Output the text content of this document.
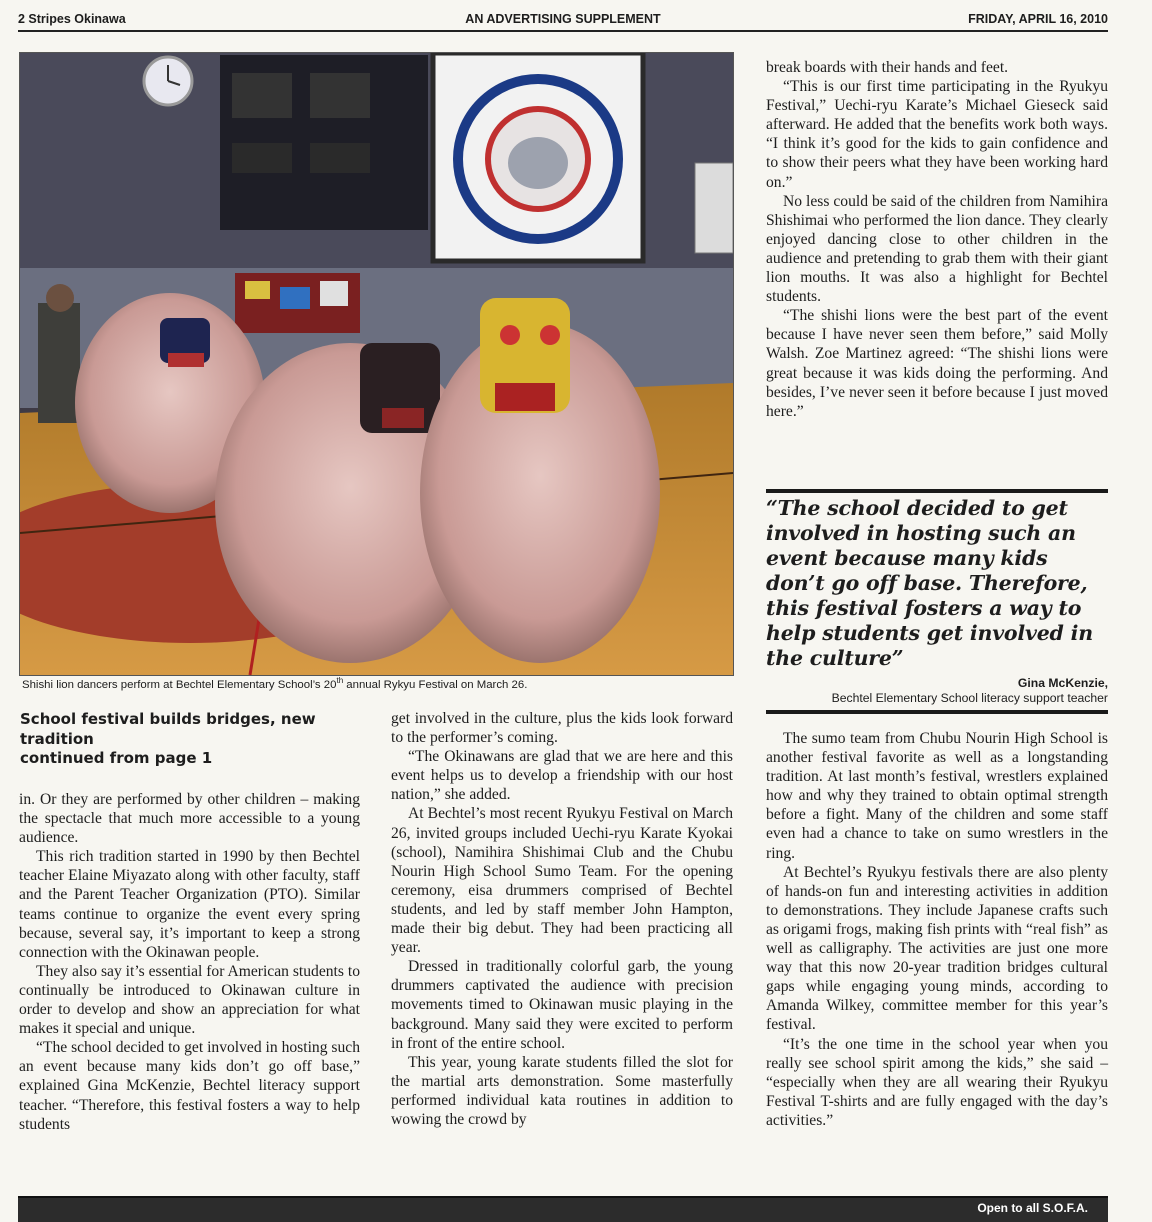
2 Stripes Okinawa	AN ADVERTISING SUPPLEMENT	FRIDAY, APRIL 16, 2010
Shishi lion dancers perform at Bechtel Elementary School’s 20th annual Rykyu Festival on March 26.
School festival builds bridges, new tradition
continued from page 1

in. Or they are performed by other children – making the spectacle that much more accessible to a young audience.

This rich tradition started in 1990 by then Bechtel teacher Elaine Miyazato along with other faculty, staff and the Parent Teacher Organization (PTO). Similar teams continue to organize the event every spring because, several say, it’s important to keep a strong connection with the Okinawan people.

They also say it’s essential for American students to continually be introduced to Okinawan culture in order to develop and show an appreciation for what makes it special and unique.

“The school decided to get involved in hosting such an event because many kids don’t go off base,” explained Gina McKenzie, Bechtel literacy support teacher. “Therefore, this festival fosters a way to help students

get involved in the culture, plus the kids look forward to the performer’s coming.

“The Okinawans are glad that we are here and this event helps us to develop a friendship with our host nation,” she added.

At Bechtel’s most recent Ryukyu Festival on March 26, invited groups included Uechi-ryu Karate Kyokai (school), Namihira Shishimai Club and the Chubu Nourin High School Sumo Team. For the opening ceremony, eisa drummers comprised of Bechtel students, and led by staff member John Hampton, made their big debut. They had been practicing all year.

Dressed in traditionally colorful garb, the young drummers captivated the audience with precision movements timed to Okinawan music playing in the background. Many said they were excited to perform in front of the entire school.

This year, young karate students filled the slot for the martial arts demonstration. Some masterfully performed individual kata routines in addition to wowing the crowd by

break boards with their hands and feet.

“This is our first time participating in the Ryukyu Festival,” Uechi-ryu Karate’s Michael Gieseck said afterward. He added that the benefits work both ways. “I think it’s good for the kids to gain confidence and to show their peers what they have been working hard on.”

No less could be said of the children from Namihira Shishimai who performed the lion dance. They clearly enjoyed dancing close to other children in the audience and pretending to grab them with their giant lion mouths. It was also a highlight for Bechtel students.

“The shishi lions were the best part of the event because I have never seen them before,” said Molly Walsh. Zoe Martinez agreed: “The shishi lions were great because it was kids doing the performing. And besides, I’ve never seen it before because I just moved here.”

“The school decided to get involved in hosting such an event because many kids don’t go off base. Therefore, this festival fosters a way to help students get involved in the culture”
Gina McKenzie,
Bechtel Elementary School literacy support teacher

The sumo team from Chubu Nourin High School is another festival favorite as well as a longstanding tradition. At last month’s festival, wrestlers explained how and why they trained to obtain optimal strength before a fight. Many of the children and some staff even had a chance to take on sumo wrestlers in the ring.

At Bechtel’s Ryukyu festivals there are also plenty of hands-on fun and interesting activities in addition to demonstrations. They include Japanese crafts such as origami frogs, making fish prints with “real fish” as well as calligraphy. The activities are just one more way that this now 20-year tradition bridges cultural gaps while engaging young minds, according to Amanda Wilkey, committee member for this year’s festival.

“It’s the one time in the school year when you really see school spirit among the kids,” she said – “especially when they are all wearing their Ryukyu Festival T-shirts and are fully engaged with the day’s activities.”

Open to all S.O.F.A.
